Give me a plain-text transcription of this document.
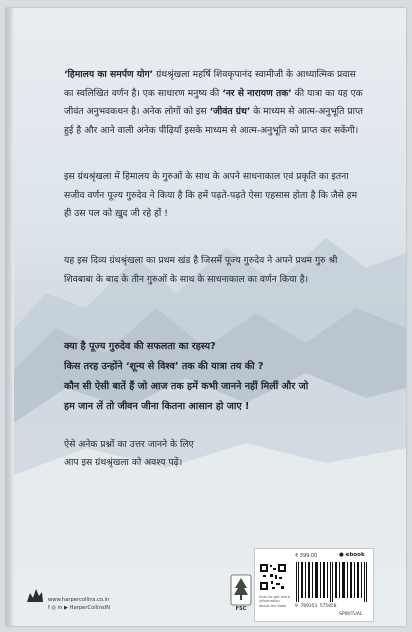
‘हिमालय का समर्पण योग’ ग्रंथश्रृंखला महर्षि शिवकृपानंद स्वामीजी के आध्यात्मिक प्रवास का स्वलिखित वर्णन है। एक साधारण मनुष्य की ‘नर से नारायण तक’ की यात्रा का यह एक जीवंत अनुभवकथन है। अनेक लोगों को इस ‘जीवंत ग्रंथ’ के माध्यम से आत्म-अनुभूति प्राप्त हुई है और आने वाली अनेक पीढ़ियाँ इसके माध्यम से आत्म-अनुभूति को प्राप्त कर सकेंगी।

इस ग्रंथश्रृंखला में हिमालय के गुरुओं के साथ के अपने साधनाकाल एवं प्रकृति का इतना सजीव वर्णन पूज्य गुरुदेव ने किया है कि हमें पढ़ते-पढ़ते ऐसा एहसास होता है कि जैसे हम ही उस पल को ख़ुद जी रहे हों !

यह इस दिव्य ग्रंथश्रृंखला का प्रथम खंड है जिसमें पूज्य गुरुदेव ने अपने प्रथम गुरु श्री शिवबाबा के बाद के तीन गुरुओं के साथ के साधनाकाल का वर्णन किया है।

क्या है पूज्य गुरुदेव की सफलता का रहस्य?

किस तरह उन्होंने ‘शून्य से विश्व’ तक की यात्रा तय की ?

कौन सी ऐसी बातें हैं जो आज तक हमें कभी जानने नहीं मिलीं और जो

हम जान लें तो जीवन जीना कितना आसान हो जाए !

ऐसे अनेक प्रश्नों का उत्तर जानने के लिए

आप इस ग्रंथश्रृंखला को अवश्य पढ़ें।

www.harpercollins.co.in
f ◎ in ▶ HarperCollinsIN	FSC
₹ 399.00	● ebook
Scan to get more information about the book	9 789353 575058
SPIRITUAL
